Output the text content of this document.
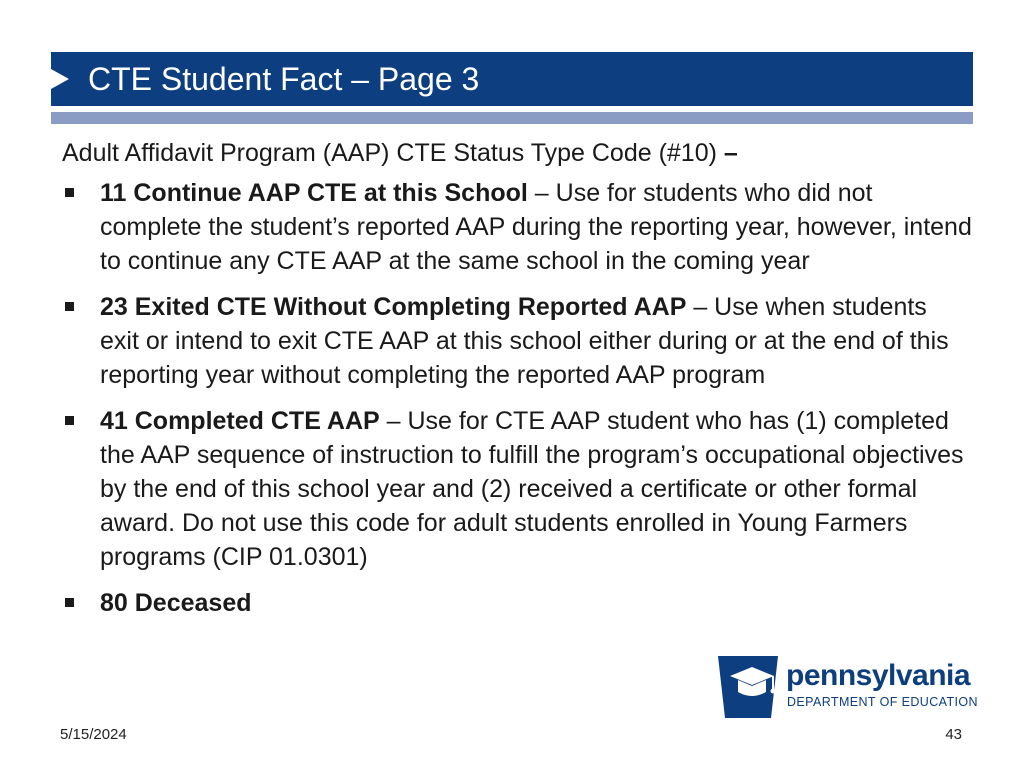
CTE Student Fact – Page 3

Adult Affidavit Program (AAP) CTE Status Type Code (#10) –

11 Continue AAP CTE at this School – Use for students who did not complete the student’s reported AAP during the reporting year, however, intend to continue any CTE AAP at the same school in the coming year
23 Exited CTE Without Completing Reported AAP – Use when students exit or intend to exit CTE AAP at this school either during or at the end of this reporting year without completing the reported AAP program
41 Completed CTE AAP – Use for CTE AAP student who has (1) completed the AAP sequence of instruction to fulfill the program’s occupational objectives by the end of this school year and (2) received a certificate or other formal award. Do not use this code for adult students enrolled in Young Farmers programs (CIP 01.0301)
80 Deceased
pennsylvania
DEPARTMENT OF EDUCATION
5/15/2024	43
